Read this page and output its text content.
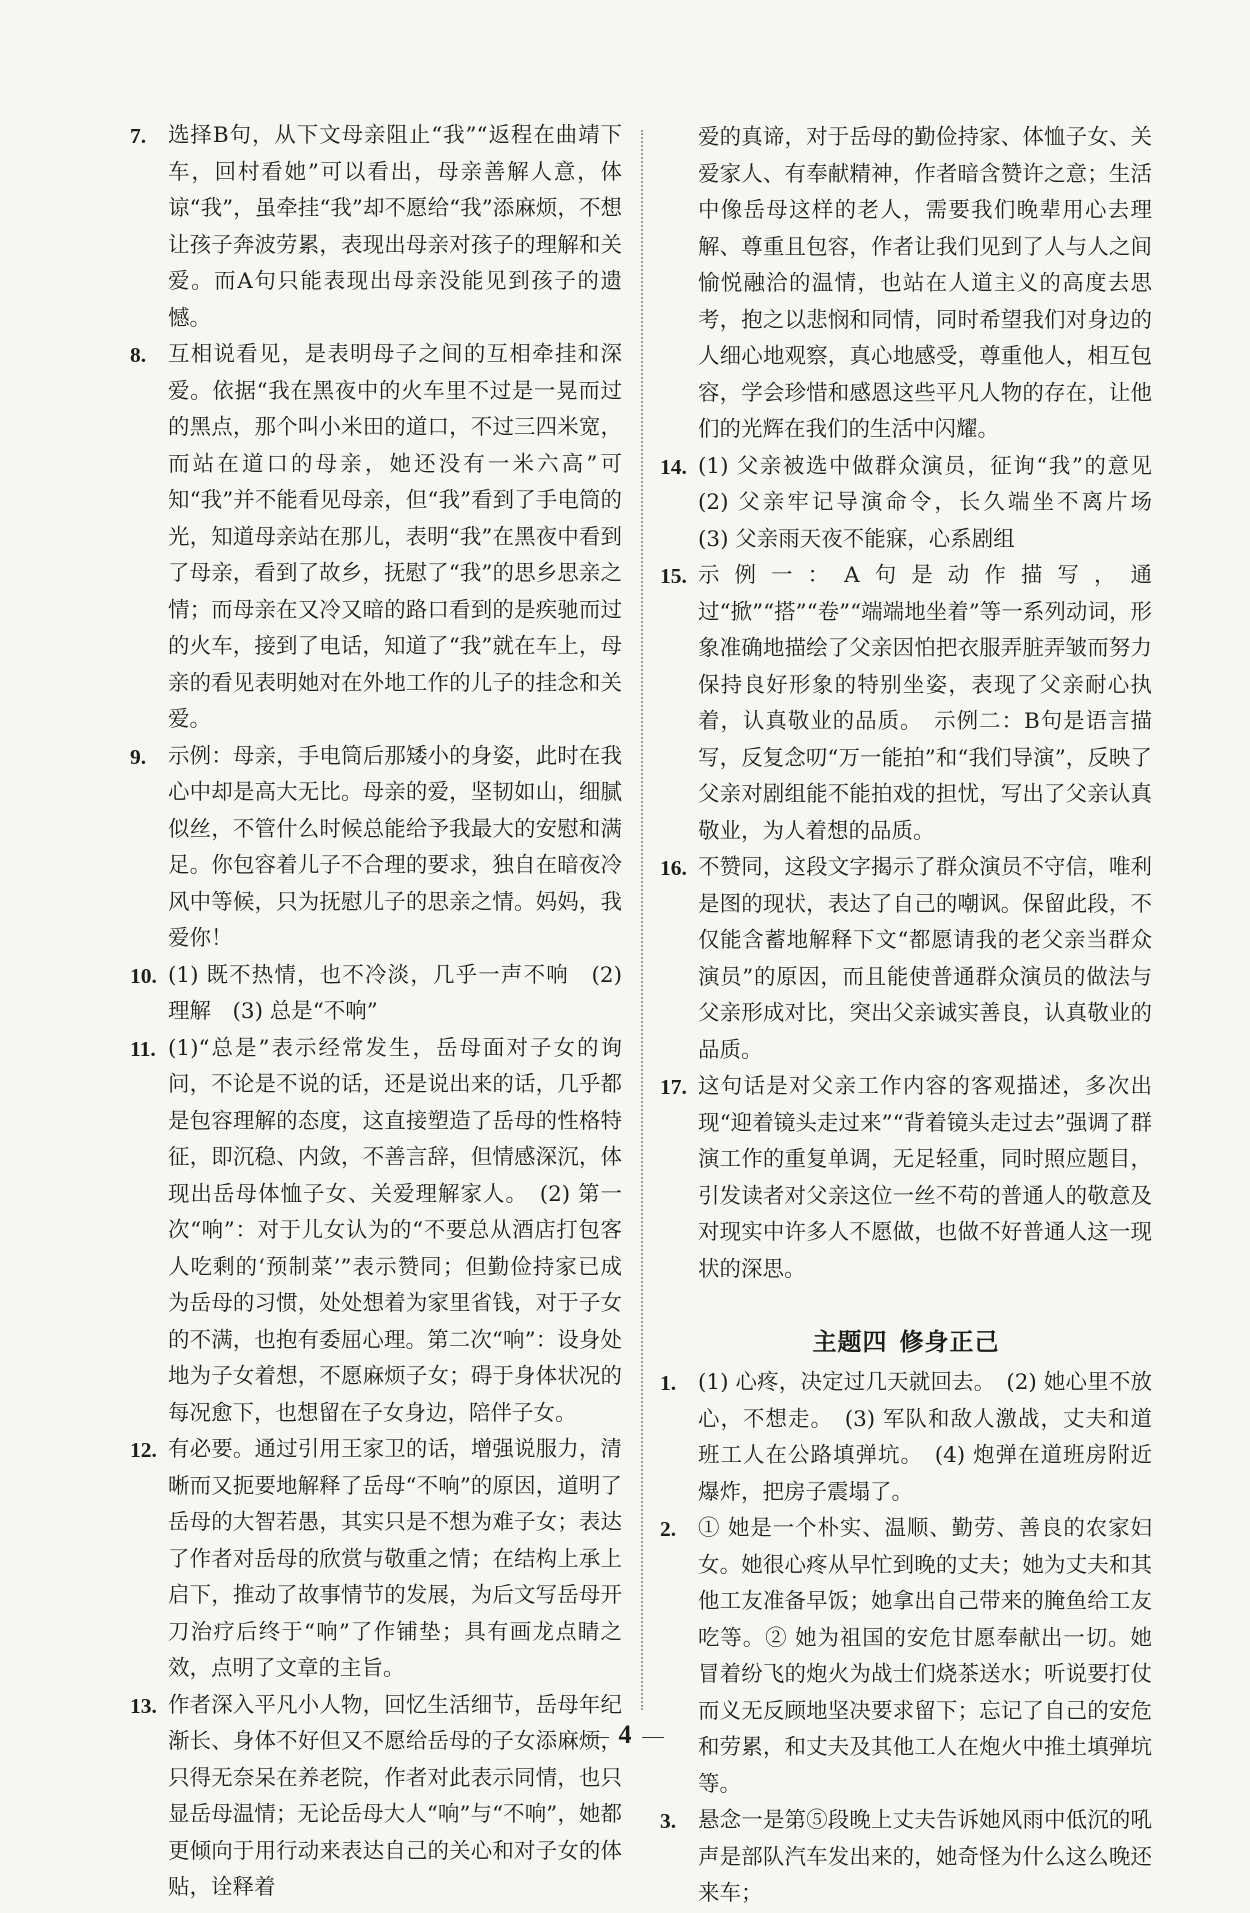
7. 选择B句，从下文母亲阻止“我”“返程在曲靖下车，回村看她”可以看出，母亲善解人意，体谅“我”，虽牵挂“我”却不愿给“我”添麻烦，不想让孩子奔波劳累，表现出母亲对孩子的理解和关爱。而A句只能表现出母亲没能见到孩子的遗憾。
8. 互相说看见，是表明母子之间的互相牵挂和深爱。依据“我在黑夜中的火车里不过是一晃而过的黑点，那个叫小米田的道口，不过三四米宽，而站在道口的母亲，她还没有一米六高”可知“我”并不能看见母亲，但“我”看到了手电筒的光，知道母亲站在那儿，表明“我”在黑夜中看到了母亲，看到了故乡，抚慰了“我”的思乡思亲之情；而母亲在又冷又暗的路口看到的是疾驰而过的火车，接到了电话，知道了“我”就在车上，母亲的看见表明她对在外地工作的儿子的挂念和关爱。
9. 示例：母亲，手电筒后那矮小的身姿，此时在我心中却是高大无比。母亲的爱，坚韧如山，细腻似丝，不管什么时候总能给予我最大的安慰和满足。你包容着儿子不合理的要求，独自在暗夜冷风中等候，只为抚慰儿子的思亲之情。妈妈，我爱你！
10. (1) 既不热情，也不冷淡，几乎一声不响　(2) 理解　(3) 总是“不响”
11. (1)“总是”表示经常发生，岳母面对子女的询问，不论是不说的话，还是说出来的话，几乎都是包容理解的态度，这直接塑造了岳母的性格特征，即沉稳、内敛，不善言辞，但情感深沉，体现出岳母体恤子女、关爱理解家人。　(2) 第一次“响”：对于儿女认为的“不要总从酒店打包客人吃剩的‘预制菜’”表示赞同；但勤俭持家已成为岳母的习惯，处处想着为家里省钱，对于子女的不满，也抱有委屈心理。第二次“响”：设身处地为子女着想，不愿麻烦子女；碍于身体状况的每况愈下，也想留在子女身边，陪伴子女。
12. 有必要。通过引用王家卫的话，增强说服力，清晰而又扼要地解释了岳母“不响”的原因，道明了岳母的大智若愚，其实只是不想为难子女；表达了作者对岳母的欣赏与敬重之情；在结构上承上启下，推动了故事情节的发展，为后文写岳母开刀治疗后终于“响”了作铺垫；具有画龙点睛之效，点明了文章的主旨。
13. 作者深入平凡小人物，回忆生活细节，岳母年纪渐长、身体不好但又不愿给岳母的子女添麻烦，只得无奈呆在养老院，作者对此表示同情，也只显岳母温情；无论岳母大人“响”与“不响”，她都更倾向于用行动来表达自己的关心和对子女的体贴，诠释着
爱的真谛，对于岳母的勤俭持家、体恤子女、关爱家人、有奉献精神，作者暗含赞许之意；生活中像岳母这样的老人，需要我们晚辈用心去理解、尊重且包容，作者让我们见到了人与人之间愉悦融洽的温情，也站在人道主义的高度去思考，抱之以悲悯和同情，同时希望我们对身边的人细心地观察，真心地感受，尊重他人，相互包容，学会珍惜和感恩这些平凡人物的存在，让他们的光辉在我们的生活中闪耀。
14. (1) 父亲被选中做群众演员，征询“我”的意见　(2) 父亲牢记导演命令，长久端坐不离片场　(3) 父亲雨天夜不能寐，心系剧组
15. 示例一：A句是动作描写，通过“掀”“搭”“卷”“端端地坐着”等一系列动词，形象准确地描绘了父亲因怕把衣服弄脏弄皱而努力保持良好形象的特别坐姿，表现了父亲耐心执着，认真敬业的品质。　示例二：B句是语言描写，反复念叨“万一能拍”和“我们导演”，反映了父亲对剧组能不能拍戏的担忧，写出了父亲认真敬业，为人着想的品质。
16. 不赞同，这段文字揭示了群众演员不守信，唯利是图的现状，表达了自己的嘲讽。保留此段，不仅能含蓄地解释下文“都愿请我的老父亲当群众演员”的原因，而且能使普通群众演员的做法与父亲形成对比，突出父亲诚实善良，认真敬业的品质。
17. 这句话是对父亲工作内容的客观描述，多次出现“迎着镜头走过来”“背着镜头走过去”强调了群演工作的重复单调，无足轻重，同时照应题目，引发读者对父亲这位一丝不苟的普通人的敬意及对现实中许多人不愿做，也做不好普通人这一现状的深思。
主题四 修身正己
1. (1) 心疼，决定过几天就回去。　(2) 她心里不放心，不想走。　(3) 军队和敌人激战，丈夫和道班工人在公路填弹坑。　(4) 炮弹在道班房附近爆炸，把房子震塌了。
2. ① 她是一个朴实、温顺、勤劳、善良的农家妇女。她很心疼从早忙到晚的丈夫；她为丈夫和其他工友准备早饭；她拿出自己带来的腌鱼给工友吃等。② 她为祖国的安危甘愿奉献出一切。她冒着纷飞的炮火为战士们烧茶送水；听说要打仗而义无反顾地坚决要求留下；忘记了自己的安危和劳累，和丈夫及其他工人在炮火中推土填弹坑等。
3. 悬念一是第⑤段晚上丈夫告诉她风雨中低沉的吼声是部队汽车发出来的，她奇怪为什么这么晚还来车；
4
